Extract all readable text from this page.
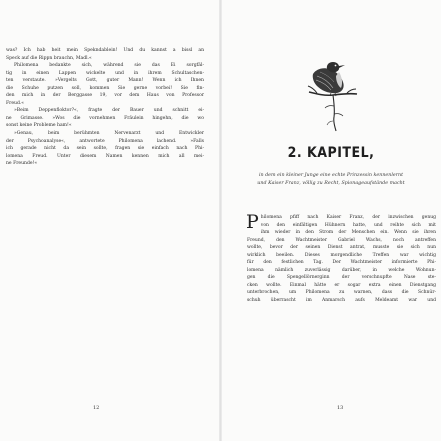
was? Ich hab heit mein Spekndablein! Und du kannst a bissl an
Speck auf die Rippn brauchn, Madl.«

Philomena bedankte sich, während sie das Ei sorgfäl-
tig in einen Lappen wickelte und in ihrem Schultaschen-
ten verstaute. »Vergelts Gott, guter Mann! Wenn ich Ihnen
die Schuhe putzen soll, kommen Sie gerne vorbei! Sie fin-
den mich in der Berggasse 19, vor dem Haus von Professor
Freud.«

»Beim Deppenfloktor?«, fragte der Bauer und schnitt ei-
ne Grimasse. »Wos die vornehmen Fräulein hingehn, die wo
sonst keine Probleme ham!«

»Genau, beim berühmten Nervenarzt und Entwickler
der Psychoanalyse«, antwortete Philomena lachend. »Falls
ich gerade nicht da sein sollte, fragen sie einfach nach Phi-
lomena Freud. Unter diesem Namen kennen mich all mei-
ne Freunde!«

12
2. KAPITEL,

in dem ein kleiner Junge eine echte Prinzessin kennenlernt
und Kaiser Franz, völlig zu Recht, Spionageaufstände macht

P hilomena pfiff nach Kaiser Franz, der inzwischen genug
von den einfältigen Hühnern hatte, und reihte sich mit
ihm wieder in den Strom der Menschen ein. Wenn sie ihren
Freund, den Wachtmeister Gabriel Wachs, noch antreffen
wollte, bevor der seinen Dienst antrat, musste sie sich nun
wirklich beeilen. Dieses morgendliche Treffen war wichtig
für den festlichen Tag. Der Wachtmeister informierte Phi-
lomena nämlich zuverlässig darüber, in welche Wohnun-
gen die Spengellörnerginn der verschnupfte Nase ste-
cken wollte. Einmal hätte er sogar extra einen Dienstgang
unterbrochen, um Philomena zu warnen, dass die Schnür-
schuh überrascht im Anmarsch aufs Meldeamt war und

13
